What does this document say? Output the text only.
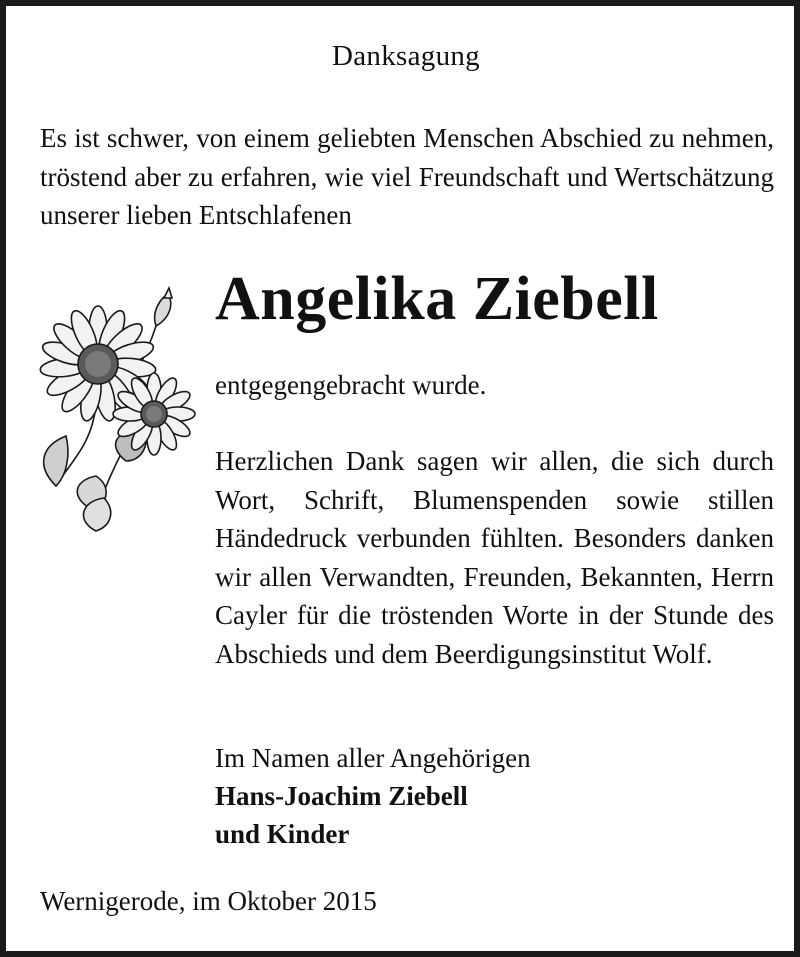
Danksagung
Es ist schwer, von einem geliebten Menschen Abschied zu nehmen, tröstend aber zu erfahren, wie viel Freundschaft und Wertschätzung unserer lieben Entschlafenen
Angelika Ziebell
entgegengebracht wurde.
Herzlichen Dank sagen wir allen, die sich durch Wort, Schrift, Blumenspenden sowie stillen Händedruck verbunden fühlten. Besonders danken wir allen Verwandten, Freunden, Bekannten, Herrn Cayler für die tröstenden Worte in der Stunde des Abschieds und dem Beerdigungsinstitut Wolf.
Im Namen aller Angehörigen
Hans-Joachim Ziebell
und Kinder
Wernigerode, im Oktober 2015
